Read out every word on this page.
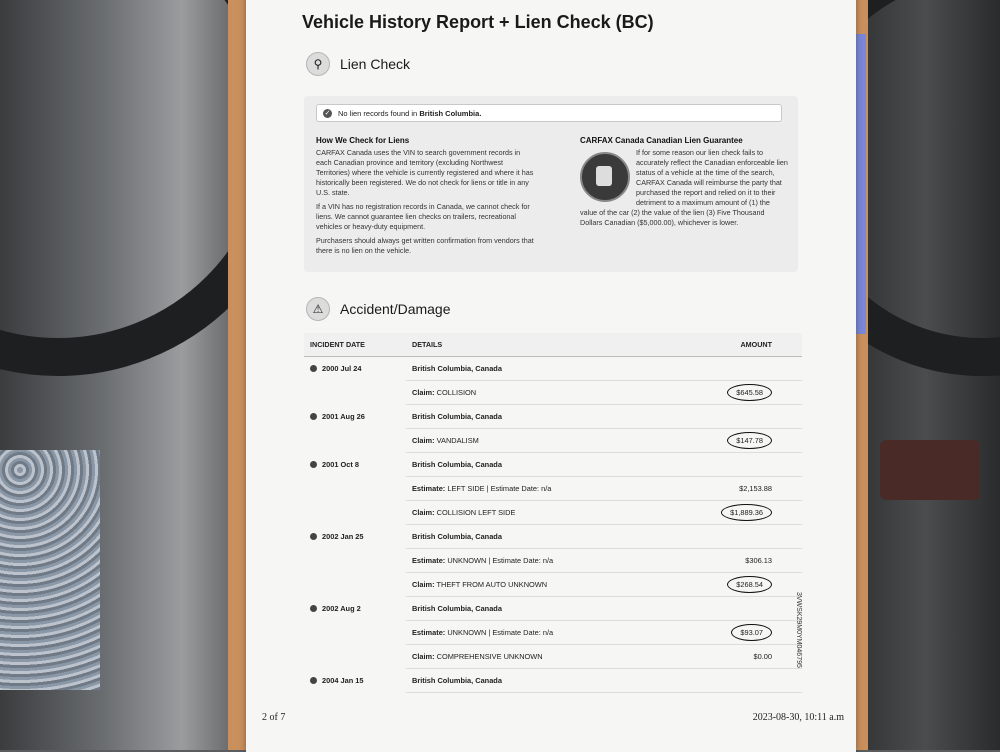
Vehicle History Report + Lien Check (BC)
⚲	Lien Check
✓ No lien records found in British Columbia.
How We Check for Liens

CARFAX Canada uses the VIN to search government records in each Canadian province and territory (excluding Northwest Territories) where the vehicle is currently registered and where it has historically been registered. We do not check for liens or title in any U.S. state.

If a VIN has no registration records in Canada, we cannot check for liens. We cannot guarantee lien checks on trailers, recreational vehicles or heavy-duty equipment.

Purchasers should always get written confirmation from vendors that there is no lien on the vehicle.

CARFAX Canada Canadian Lien Guarantee
If for some reason our lien check fails to accurately reflect the Canadian enforceable lien status of a vehicle at the time of the search, CARFAX Canada will reimburse the party that purchased the report and relied on it to their detriment to a maximum amount of (1) the value of the car (2) the value of the lien (3) Five Thousand Dollars Canadian ($5,000.00), whichever is lower.
⚠	Accident/Damage
INCIDENT DATE	DETAILS	AMOUNT
2000 Jul 24	British Columbia, Canada	
	Claim: COLLISION	$645.58
2001 Aug 26	British Columbia, Canada	
	Claim: VANDALISM	$147.78
2001 Oct 8	British Columbia, Canada	
	Estimate: LEFT SIDE | Estimate Date: n/a	$2,153.88
	Claim: COLLISION LEFT SIDE	$1,889.36
2002 Jan 25	British Columbia, Canada	
	Estimate: UNKNOWN | Estimate Date: n/a	$306.13
	Claim: THEFT FROM AUTO UNKNOWN	$268.54
2002 Aug 2	British Columbia, Canada	
	Estimate: UNKNOWN | Estimate Date: n/a	$93.07
	Claim: COMPREHENSIVE UNKNOWN	$0.00
2004 Jan 15	British Columbia, Canada	
3VWSK29M0YM046795
2 of 7	2023-08-30, 10:11 a.m
